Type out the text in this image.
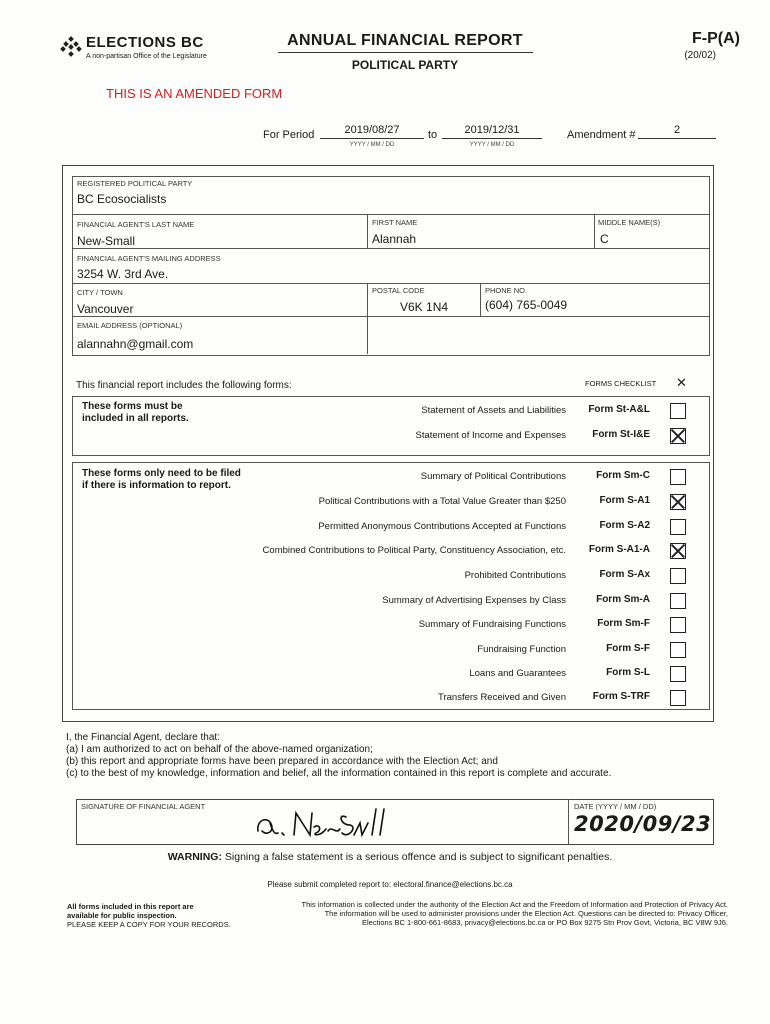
ELECTIONS BC
A non-partisan Office of the Legislature
ANNUAL FINANCIAL REPORT
POLITICAL PARTY
F-P(A)
(20/02)
THIS IS AN AMENDED FORM
For Period	2019/08/27
YYYY / MM / DD
to	2019/12/31
YYYY / MM / DD
Amendment #	2
REGISTERED POLITICAL PARTY
BC Ecosocialists
FINANCIAL AGENT'S LAST NAME
New-Small
FIRST NAME
Alannah
MIDDLE NAME(S)
C
FINANCIAL AGENT'S MAILING ADDRESS
3254 W. 3rd Ave.
CITY / TOWN
Vancouver
POSTAL CODE
V6K 1N4
PHONE NO.
(604) 765-0049
EMAIL ADDRESS (OPTIONAL)
alannahn@gmail.com
This financial report includes the following forms:	FORMS CHECKLIST ✕
These forms must be
included in all reports.
These forms only need to be filed
if there is information to report.
Statement of Assets and Liabilities	Form St-A&L
Statement of Income and Expenses	Form St-I&E
Summary of Political Contributions	Form Sm-C
Political Contributions with a Total Value Greater than $250	Form S-A1
Permitted Anonymous Contributions Accepted at Functions	Form S-A2
Combined Contributions to Political Party, Constituency Association, etc.	Form S-A1-A
Prohibited Contributions	Form S-Ax
Summary of Advertising Expenses by Class	Form Sm-A
Summary of Fundraising Functions	Form Sm-F
Fundraising Function	Form S-F
Loans and Guarantees	Form S-L
Transfers Received and Given	Form S-TRF
I, the Financial Agent, declare that:
(a) I am authorized to act on behalf of the above-named organization;
(b) this report and appropriate forms have been prepared in accordance with the Election Act; and
(c) to the best of my knowledge, information and belief, all the information contained in this report is complete and accurate.
SIGNATURE OF FINANCIAL AGENT	DATE (YYYY / MM / DD)
2020/09/23
WARNING: Signing a false statement is a serious offence and is subject to significant penalties.
Please submit completed report to: electoral.finance@elections.bc.ca
All forms included in this report are
available for public inspection.
PLEASE KEEP A COPY FOR YOUR RECORDS.
This information is collected under the authority of the Election Act and the Freedom of Information and Protection of Privacy Act.
The information will be used to administer provisions under the Election Act. Questions can be directed to: Privacy Officer,
Elections BC 1-800-661-8683, privacy@elections.bc.ca or PO Box 9275 Stn Prov Govt, Victoria, BC V8W 9J6.
